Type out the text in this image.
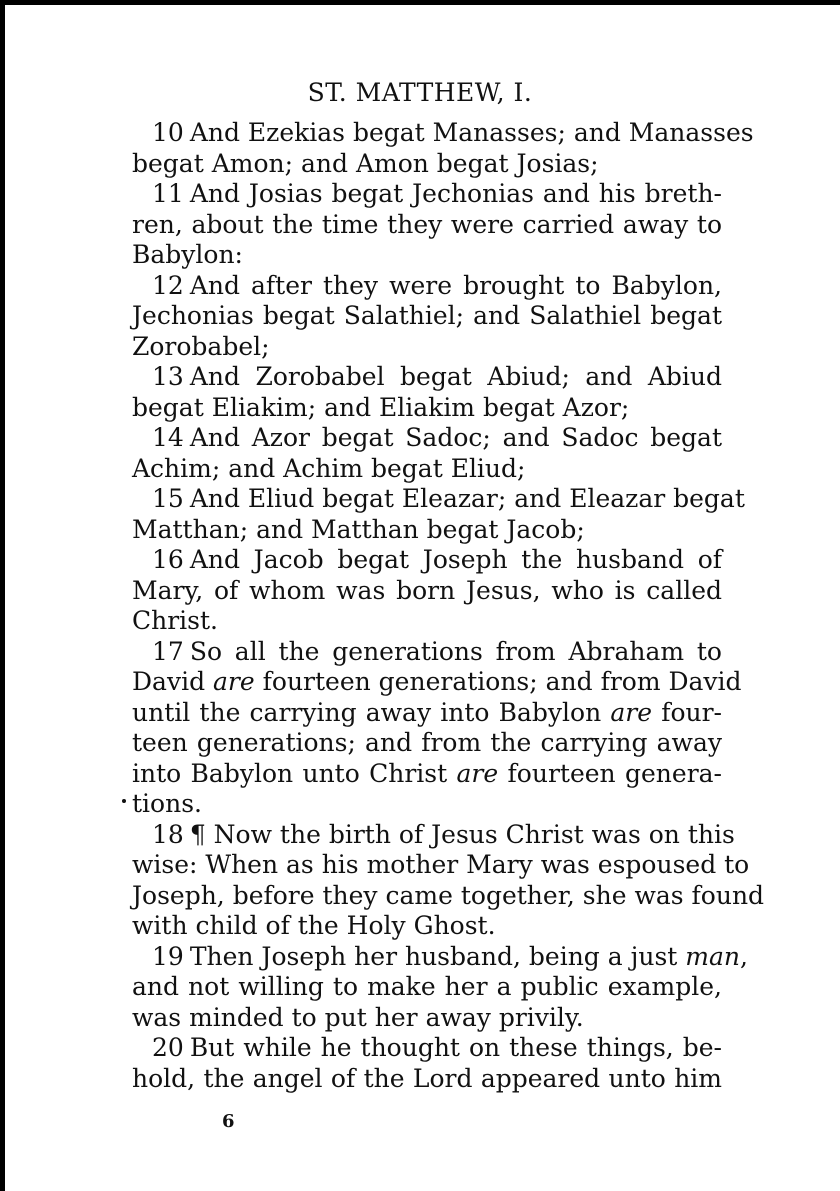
ST. MATTHEW, I.
10 And Ezekias begat Manasses; and Manasses
begat Amon; and Amon begat Josias;
11 And Josias begat Jechonias and his breth-
ren, about the time they were carried away to
Babylon:
12 And after they were brought to Babylon,
Jechonias begat Salathiel; and Salathiel begat
Zorobabel;
13 And Zorobabel begat Abiud; and Abiud
begat Eliakim; and Eliakim begat Azor;
14 And Azor begat Sadoc; and Sadoc begat
Achim; and Achim begat Eliud;
15 And Eliud begat Eleazar; and Eleazar begat
Matthan; and Matthan begat Jacob;
16 And Jacob begat Joseph the husband of
Mary, of whom was born Jesus, who is called
Christ.
17 So all the generations from Abraham to
David are fourteen generations; and from David
until the carrying away into Babylon are four-
teen generations; and from the carrying away
into Babylon unto Christ are fourteen genera-
tions.
18 ¶ Now the birth of Jesus Christ was on this
wise: When as his mother Mary was espoused to
Joseph, before they came together, she was found
with child of the Holy Ghost.
19 Then Joseph her husband, being a just man,
and not willing to make her a public example,
was minded to put her away privily.
20 But while he thought on these things, be-
hold, the angel of the Lord appeared unto him
6
